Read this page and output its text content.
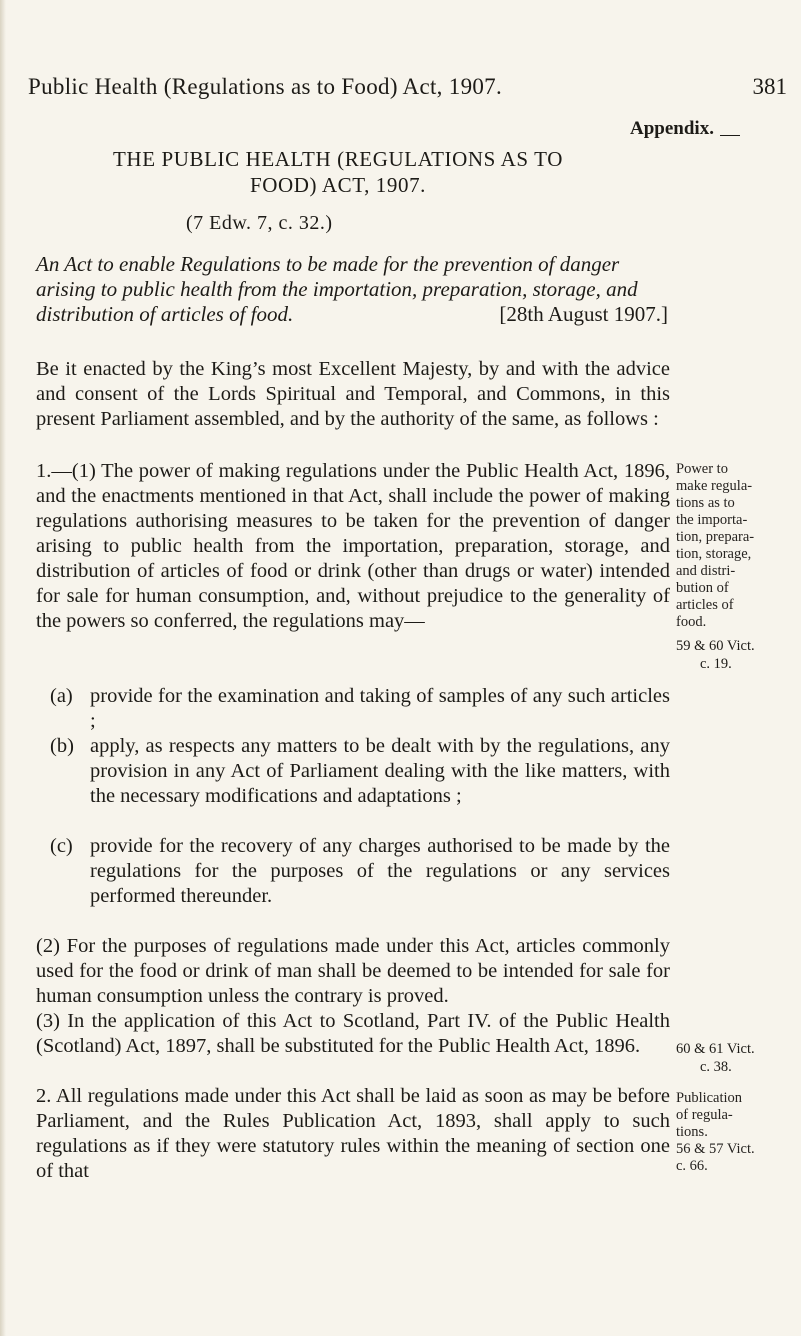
Public Health (Regulations as to Food) Act, 1907.	381
Appendix.
THE PUBLIC HEALTH (REGULATIONS AS TO
FOOD) ACT, 1907.
(7 Edw. 7, c. 32.)
An Act to enable Regulations to be made for the prevention of danger arising to public health from the importation, preparation, storage, and distribution of articles of food.	[28th August 1907.]
Be it enacted by the King’s most Excellent Majesty, by and with the advice and consent of the Lords Spiritual and Temporal, and Commons, in this present Parliament assembled, and by the authority of the same, as follows :
1.—(1) The power of making regulations under the Public Health Act, 1896, and the enactments mentioned in that Act, shall include the power of making regulations authorising measures to be taken for the prevention of danger arising to public health from the importation, preparation, storage, and distribution of articles of food or drink (other than drugs or water) intended for sale for human consumption, and, without prejudice to the generality of the powers so conferred, the regulations may—
Power to
make regula-
tions as to
the importa-
tion, prepara-
tion, storage,
and distri-
bution of
articles of
food.
59 & 60 Vict.
c. 19.
(a) provide for the examination and taking of samples of any such articles ;
(b) apply, as respects any matters to be dealt with by the regulations, any provision in any Act of Parliament dealing with the like matters, with the necessary modifications and adaptations ;
(c) provide for the recovery of any charges authorised to be made by the regulations for the purposes of the regulations or any services performed thereunder.
(2) For the purposes of regulations made under this Act, articles commonly used for the food or drink of man shall be deemed to be intended for sale for human consumption unless the contrary is proved.
(3) In the application of this Act to Scotland, Part IV. of the Public Health (Scotland) Act, 1897, shall be substituted for the Public Health Act, 1896.	60 & 61 Vict.
c. 38.
2. All regulations made under this Act shall be laid as soon as may be before Parliament, and the Rules Publication Act, 1893, shall apply to such regulations as if they were statutory rules within the meaning of section one of that
Publication
of regula-
tions.
56 & 57 Vict.
c. 66.
